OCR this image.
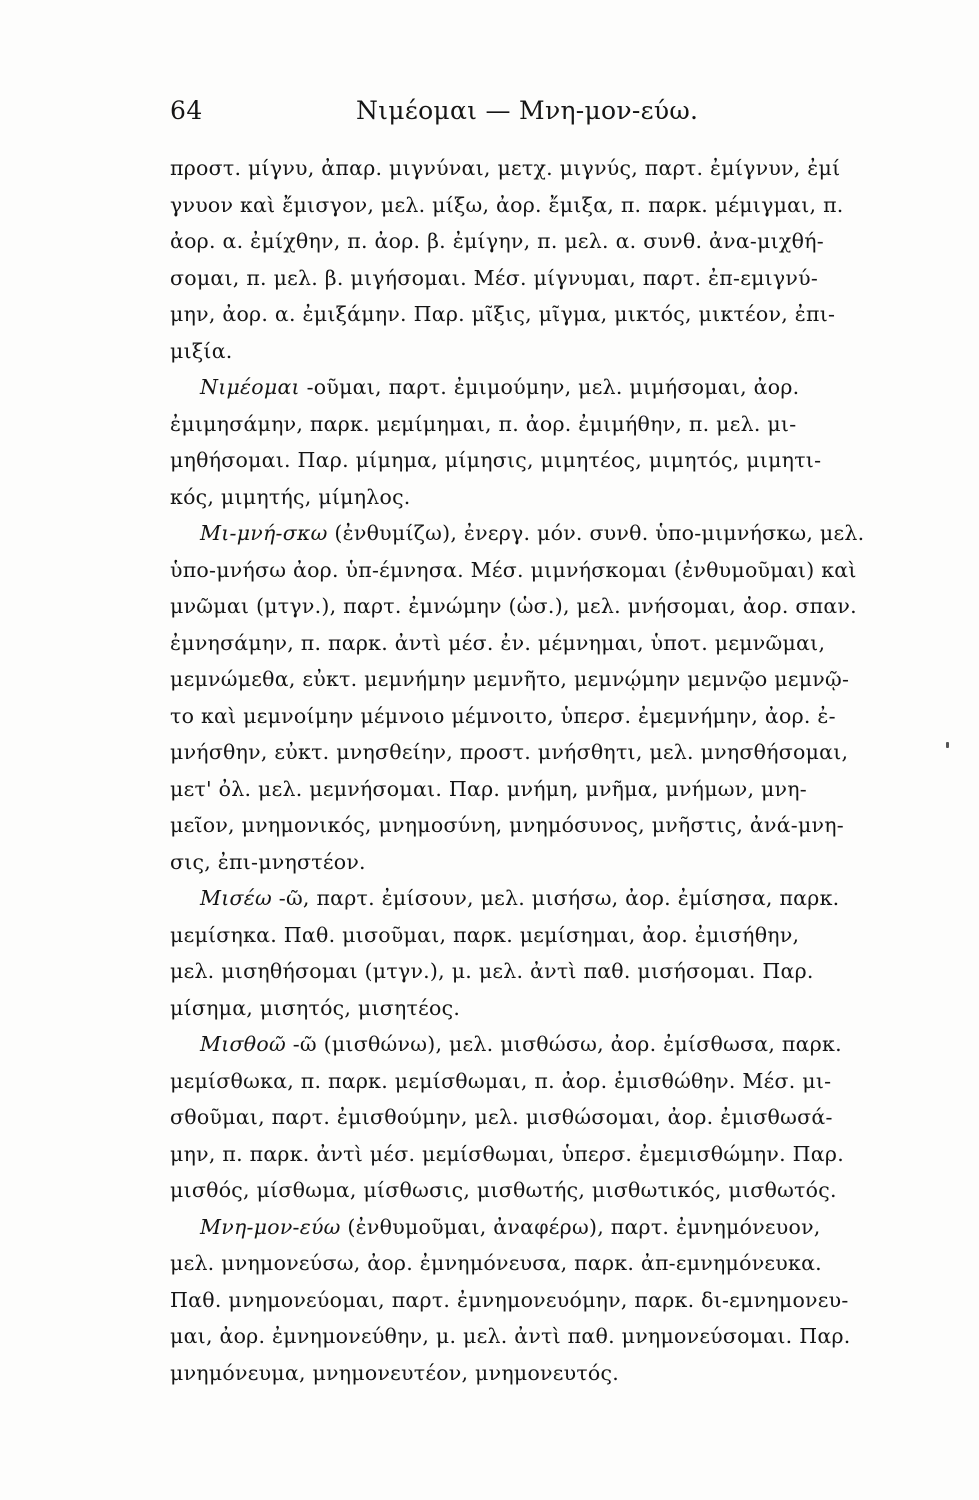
64	Νιμέομαι — Μνη-μον-εύω.
προστ. μίγνυ, ἀπαρ. μιγνύναι, μετχ. μιγνύς, παρτ. ἐμίγνυν, ἐμί
γνυον καὶ ἔμισγον, μελ. μίξω, ἀορ. ἔμιξα, π. παρκ. μέμιγμαι, π.
ἀορ. α. ἐμίχθην, π. ἀορ. β. ἐμίγην, π. μελ. α. συνθ. ἀνα-μιχθή-
σομαι, π. μελ. β. μιγήσομαι. Μέσ. μίγνυμαι, παρτ. ἐπ-εμιγνύ-
μην, ἀορ. α. ἐμιξάμην. Παρ. μῖξις, μῖγμα, μικτός, μικτέον, ἐπι-
μιξία.
Νιμέομαι -οῦμαι, παρτ. ἐμιμούμην, μελ. μιμήσομαι, ἀορ.
ἐμιμησάμην, παρκ. μεμίμημαι, π. ἀορ. ἐμιμήθην, π. μελ. μι-
μηθήσομαι. Παρ. μίμημα, μίμησις, μιμητέος, μιμητός, μιμητι-
κός, μιμητής, μίμηλος.
Μι-μνή-σκω (ἐνθυμίζω), ἐνεργ. μόν. συνθ. ὑπο-μιμνήσκω, μελ.
ὑπο-μνήσω ἀορ. ὑπ-έμνησα. Μέσ. μιμνήσκομαι (ἐνθυμοῦμαι) καὶ
μνῶμαι (μτγν.), παρτ. ἐμνώμην (ὡσ.), μελ. μνήσομαι, ἀορ. σπαν.
ἐμνησάμην, π. παρκ. ἀντὶ μέσ. ἐν. μέμνημαι, ὑποτ. μεμνῶμαι,
μεμνώμεθα, εὐκτ. μεμνήμην μεμνῆτο, μεμνῴμην μεμνῷο μεμνῷ-
το καὶ μεμνοίμην μέμνοιο μέμνοιτο, ὑπερσ. ἐμεμνήμην, ἀορ. ἐ-
μνήσθην, εὐκτ. μνησθείην, προστ. μνήσθητι, μελ. μνησθήσομαι,
μετ' ὀλ. μελ. μεμνήσομαι. Παρ. μνήμη, μνῆμα, μνήμων, μνη-
μεῖον, μνημονικός, μνημοσύνη, μνημόσυνος, μνῆστις, ἀνά-μνη-
σις, ἐπι-μνηστέον.
Μισέω -ῶ, παρτ. ἐμίσουν, μελ. μισήσω, ἀορ. ἐμίσησα, παρκ.
μεμίσηκα. Παθ. μισοῦμαι, παρκ. μεμίσημαι, ἀορ. ἐμισήθην,
μελ. μισηθήσομαι (μτγν.), μ. μελ. ἀντὶ παθ. μισήσομαι. Παρ.
μίσημα, μισητός, μισητέος.
Μισθοῶ -ῶ (μισθώνω), μελ. μισθώσω, ἀορ. ἐμίσθωσα, παρκ.
μεμίσθωκα, π. παρκ. μεμίσθωμαι, π. ἀορ. ἐμισθώθην. Μέσ. μι-
σθοῦμαι, παρτ. ἐμισθούμην, μελ. μισθώσομαι, ἀορ. ἐμισθωσά-
μην, π. παρκ. ἀντὶ μέσ. μεμίσθωμαι, ὑπερσ. ἐμεμισθώμην. Παρ.
μισθός, μίσθωμα, μίσθωσις, μισθωτής, μισθωτικός, μισθωτός.
Μνη-μον-εύω (ἐνθυμοῦμαι, ἀναφέρω), παρτ. ἐμνημόνευον,
μελ. μνημονεύσω, ἀορ. ἐμνημόνευσα, παρκ. ἀπ-εμνημόνευκα.
Παθ. μνημονεύομαι, παρτ. ἐμνημονευόμην, παρκ. δι-εμνημονευ-
μαι, ἀορ. ἐμνημονεύθην, μ. μελ. ἀντὶ παθ. μνημονεύσομαι. Παρ.
μνημόνευμα, μνημονευτέον, μνημονευτός.
